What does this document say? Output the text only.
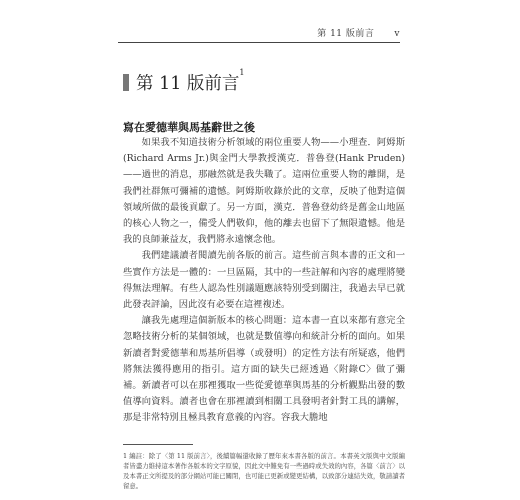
第 11 版前言 v
第 11 版前言$^1$
寫在愛德華與馬基辭世之後

如果我不知道技術分析領域的兩位重要人物——小理查．阿姆斯(Richard Arms Jr.)與金門大學教授漢克．普魯登(Hank Pruden)——過世的消息，那融然就是我失職了。這兩位重要人物的離開，是我們社群無可彌補的遺憾。阿姆斯收錄於此的文章，反映了他對這個領域所做的最後貢獻了。另一方面，漢克．普魯登幼終是舊金山地區的核心人物之一，備受人們敬仰，他的離去也留下了無限遺憾。他是我的良師兼益友，我們將永遠懷念他。

我們建議讀者閱讀先前各版的前言。這些前言與本書的正文和一些實作方法是一體的：一旦區隔，其中的一些註解和內容的處理將變得無法理解。有些人認為性別議題應該特別受到關注，我過去早已就此發表評論，因此沒有必要在這裡複述。

讓我先處理這個新版本的核心問題：這本書一直以來都有意完全忽略技術分析的某個領域，也就是數值導向和統計分析的面向。如果新讀者對愛德華和馬基所倡導（或發明）的定性方法有所疑惑，他們將無法獲得應用的指引。這方面的缺失已經透過〈附錄C〉做了彌補。新讀者可以在那裡獲取一些從愛德華與馬基的分析觀點出發的數值導向資料。讀者也會在那裡讀到相關工具發明者針對工具的講解，那是非常特別且極具教育意義的內容。容我大膽地

1 編註：除了〈第 11 版前言〉，後續篇幅還收錄了歷年來本書各版的前言。本書英文版與中文版編者皆盡力維持這本著作各版本的文字原貌，因此文中難免有一些過時或失效的內容，各篇〈前言〉以及本書正文所提及的部分網站可能已關閉，也可能已更新或變更結構，以致部分連結失效，敬請讀者留意。
